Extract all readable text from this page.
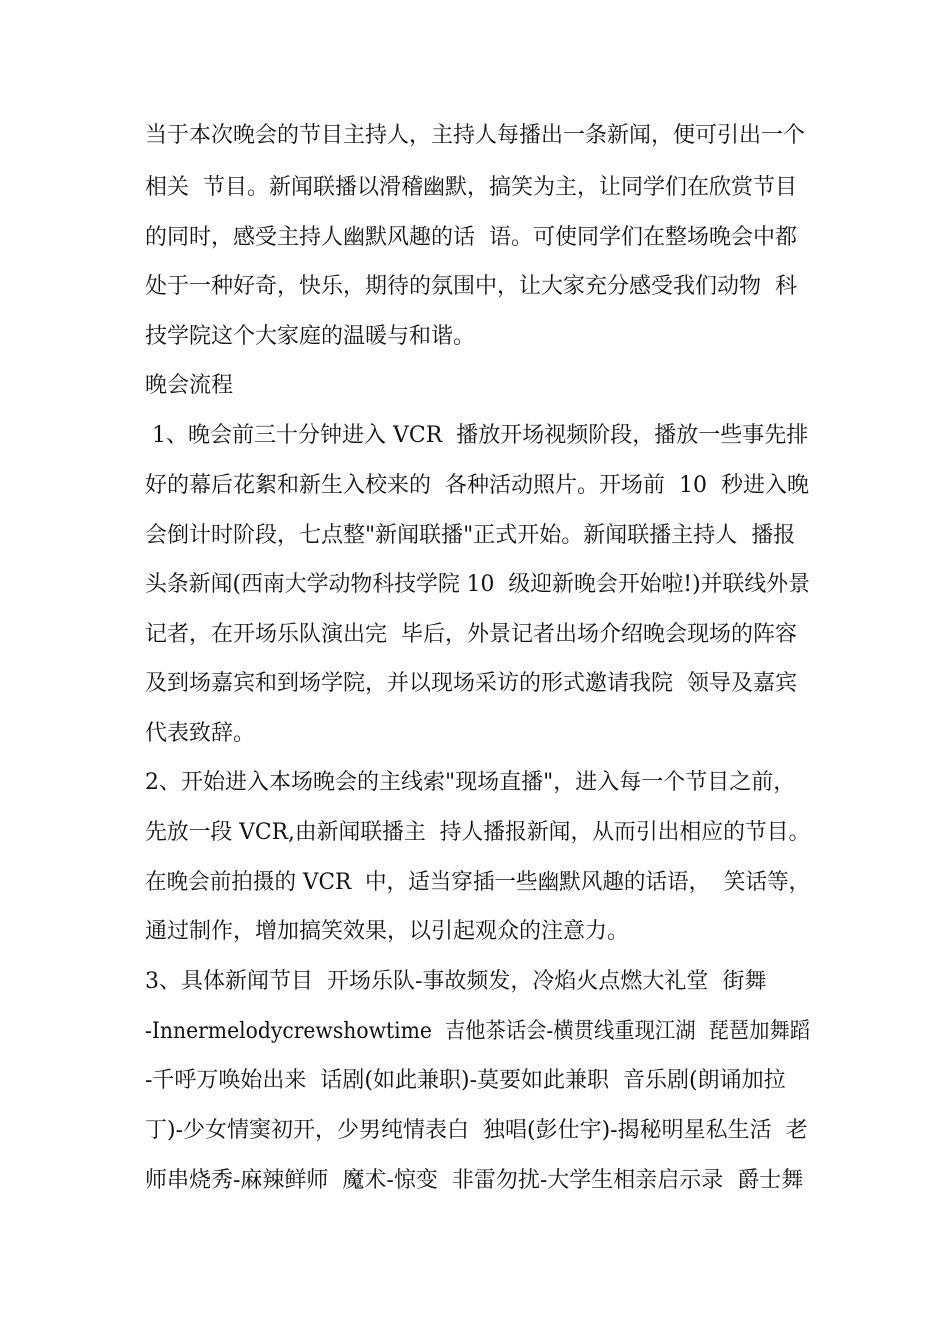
当于本次晚会的节目主持人，主持人每播出一条新闻，便可引出一个
相关  节目。新闻联播以滑稽幽默，搞笑为主，让同学们在欣赏节目
的同时，感受主持人幽默风趣的话  语。可使同学们在整场晚会中都
处于一种好奇，快乐，期待的氛围中，让大家充分感受我们动物  科
技学院这个大家庭的温暖与和谐。
晚会流程
1、晚会前三十分钟进入 VCR  播放开场视频阶段，播放一些事先排
好的幕后花絮和新生入校来的  各种活动照片。开场前  10  秒进入晚
会倒计时阶段，七点整"新闻联播"正式开始。新闻联播主持人  播报
头条新闻(西南大学动物科技学院 10  级迎新晚会开始啦!)并联线外景
记者，在开场乐队演出完  毕后，外景记者出场介绍晚会现场的阵容
及到场嘉宾和到场学院，并以现场采访的形式邀请我院  领导及嘉宾
代表致辞。
2、开始进入本场晚会的主线索"现场直播"，进入每一个节目之前，
先放一段 VCR,由新闻联播主  持人播报新闻，从而引出相应的节目。
在晚会前拍摄的 VCR  中，适当穿插一些幽默风趣的话语，  笑话等，
通过制作，增加搞笑效果，以引起观众的注意力。
3、具体新闻节目  开场乐队-事故频发，冷焰火点燃大礼堂  街舞
-Innermelodycrewshowtime  吉他茶话会-横贯线重现江湖  琵琶加舞蹈
-千呼万唤始出来  话剧(如此兼职)-莫要如此兼职  音乐剧(朗诵加拉
丁)-少女情窦初开，少男纯情表白  独唱(彭仕宇)-揭秘明星私生活  老
师串烧秀-麻辣鲜师  魔术-惊变  非雷勿扰-大学生相亲启示录  爵士舞
